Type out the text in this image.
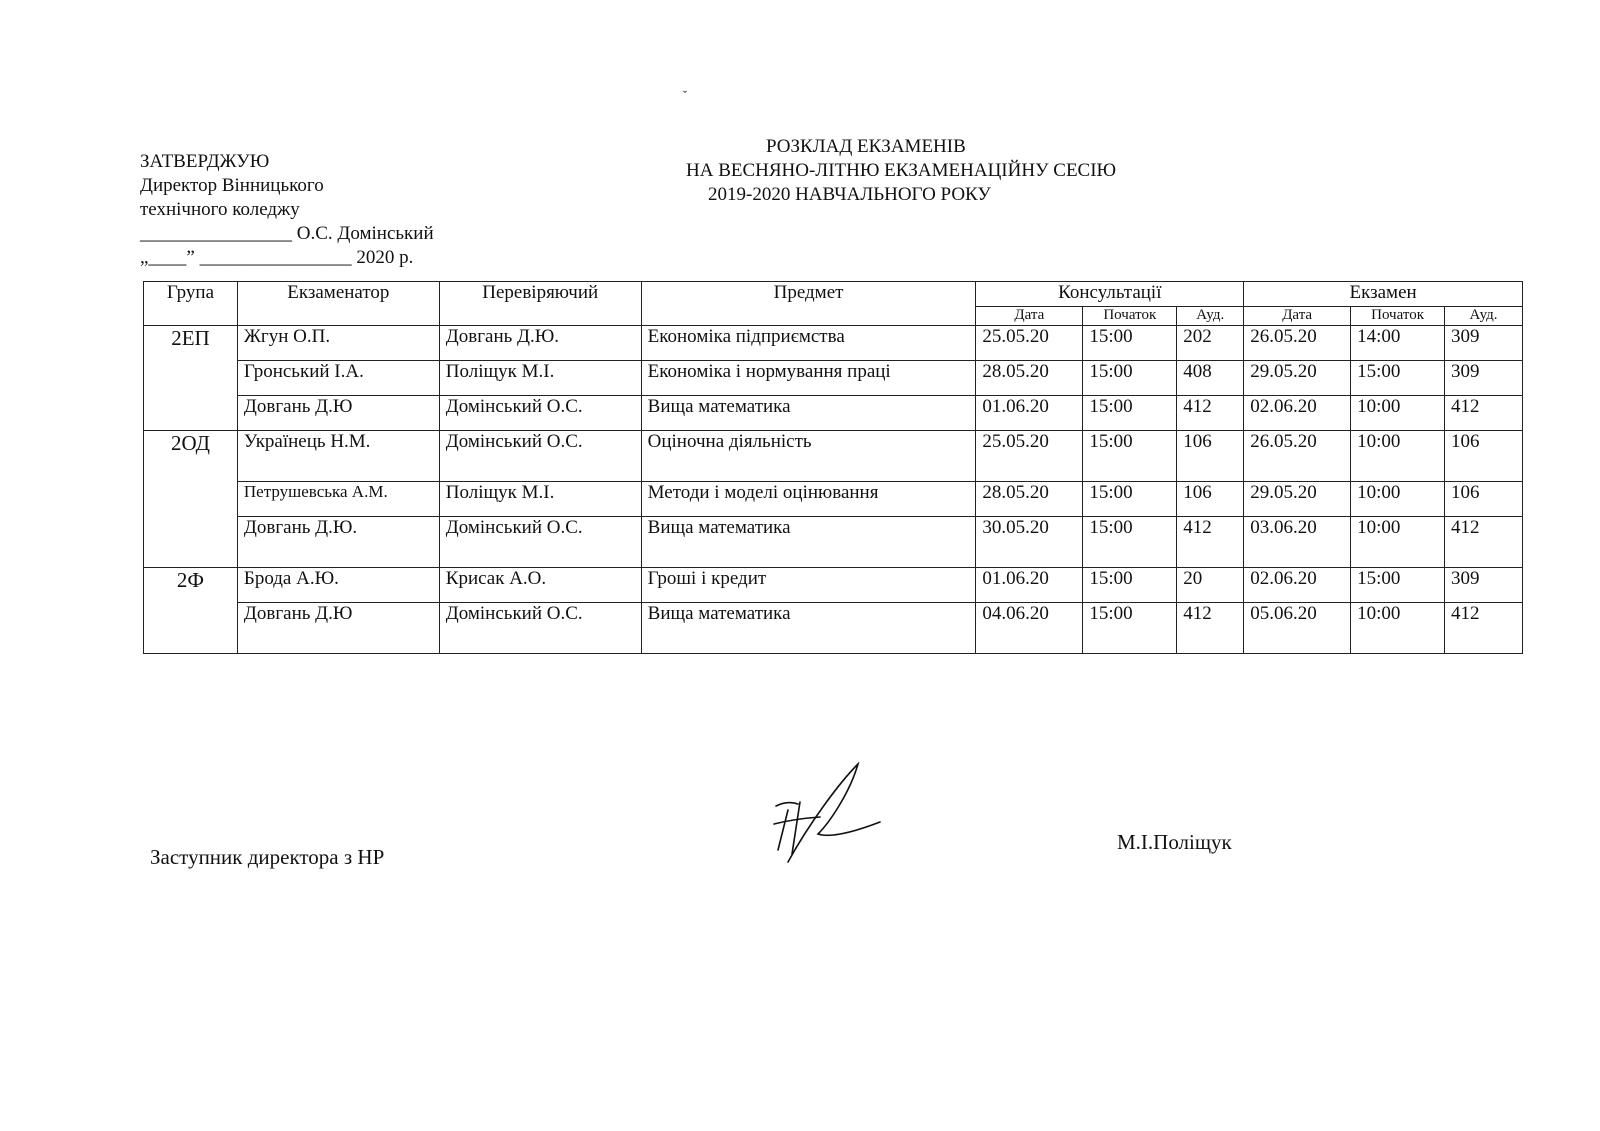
ˇ
ЗАТВЕРДЖУЮ
Директор Вінницького
технічного коледжу
________________ О.С. Домінський
„____” ________________ 2020 р.
РОЗКЛАД ЕКЗАМЕНІВ
НА ВЕСНЯНО-ЛІТНЮ ЕКЗАМЕНАЦІЙНУ СЕСІЮ
2019-2020 НАВЧАЛЬНОГО РОКУ
Група	Екзаменатор	Перевіряючий	Предмет	Консультації			Екзамен		
				Дата	Початок	Ауд.	Дата	Початок	Ауд.
2ЕП	Жгун О.П.	Довгань Д.Ю.	Економіка підприємства	25.05.20	15:00	202	26.05.20	14:00	309
	Гронський І.А.	Поліщук М.І.	Економіка і нормування праці	28.05.20	15:00	408	29.05.20	15:00	309
	Довгань Д.Ю	Домінський О.С.	Вища математика	01.06.20	15:00	412	02.06.20	10:00	412
2ОД	Українець Н.М.	Домінський О.С.	Оціночна діяльність	25.05.20	15:00	106	26.05.20	10:00	106
	Петрушевська А.М.	Поліщук М.І.	Методи і моделі оцінювання	28.05.20	15:00	106	29.05.20	10:00	106
	Довгань Д.Ю.	Домінський О.С.	Вища математика	30.05.20	15:00	412	03.06.20	10:00	412
2Ф	Брода А.Ю.	Крисак А.О.	Гроші і кредит	01.06.20	15:00	20	02.06.20	15:00	309
	Довгань Д.Ю	Домінський О.С.	Вища математика	04.06.20	15:00	412	05.06.20	10:00	412
Заступник директора з НР
М.І.Поліщук
